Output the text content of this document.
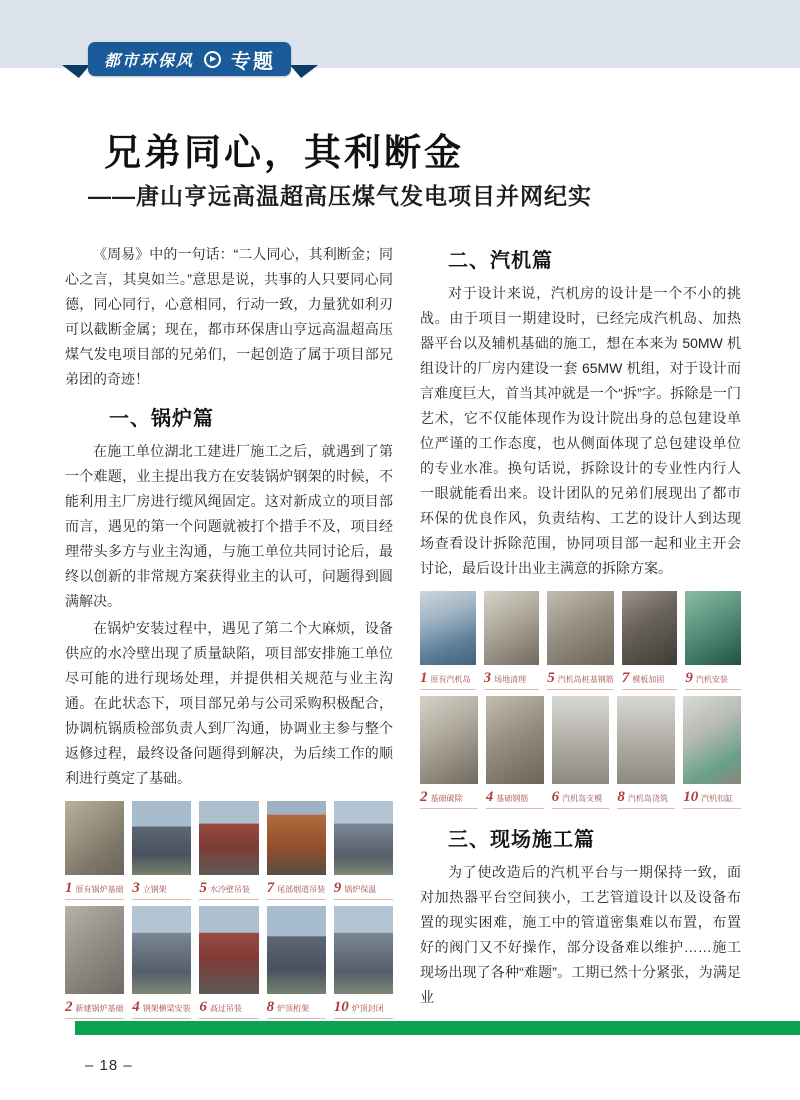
都市环保风	▶ 专题
兄弟同心，其利断金
——唐山亨远高温超高压煤气发电项目并网纪实

《周易》中的一句话：“二人同心，其利断金；同心之言，其臭如兰。”意思是说，共事的人只要同心同德，同心同行，心意相同，行动一致，力量犹如利刃可以截断金属；现在，都市环保唐山亨远高温超高压煤气发电项目部的兄弟们，一起创造了属于项目部兄弟团的奇迹！

一、锅炉篇

在施工单位湖北工建进厂施工之后，就遇到了第一个难题，业主提出我方在安装锅炉钢架的时候，不能利用主厂房进行缆风绳固定。这对新成立的项目部而言，遇见的第一个问题就被打个措手不及，项目经理带头多方与业主沟通，与施工单位共同讨论后，最终以创新的非常规方案获得业主的认可，问题得到圆满解决。

在锅炉安装过程中，遇见了第二个大麻烦，设备供应的水冷壁出现了质量缺陷，项目部安排施工单位尽可能的进行现场处理，并提供相关规范与业主沟通。在此状态下，项目部兄弟与公司采购积极配合，协调杭锅质检部负责人到厂沟通，协调业主参与整个返修过程，最终设备问题得到解决，为后续工作的顺利进行奠定了基础。

1 原有锅炉基础 3 立钢架 5 水冷壁吊装 7 尾部烟道吊装 9 锅炉保温
2 新建锅炉基础 4 钢架横梁安装 6 高过吊装 8 炉顶桁架 10 炉顶封闭
二、汽机篇

对于设计来说，汽机房的设计是一个不小的挑战。由于项目一期建设时，已经完成汽机岛、加热器平台以及辅机基础的施工，想在本来为 50MW 机组设计的厂房内建设一套 65MW 机组，对于设计而言难度巨大，首当其冲就是一个“拆”字。拆除是一门艺术，它不仅能体现作为设计院出身的总包建设单位严谨的工作态度，也从侧面体现了总包建设单位的专业水准。换句话说，拆除设计的专业性内行人一眼就能看出来。设计团队的兄弟们展现出了都市环保的优良作风，负责结构、工艺的设计人到达现场查看设计拆除范围，协同项目部一起和业主开会讨论，最后设计出业主满意的拆除方案。

1 原有汽机岛 3 场地清理 5 汽机岛桩基钢筋 7 模板加固 9 汽机安装
2 基础破除 4 基础钢筋 6 汽机岛支模 8 汽机岛浇筑 10 汽机扣缸
三、现场施工篇

为了使改造后的汽机平台与一期保持一致，面对加热器平台空间狭小，工艺管道设计以及设备布置的现实困难，施工中的管道密集难以布置，布置好的阀门又不好操作，部分设备难以维护……施工现场出现了各种“难题”。工期已然十分紧张，为满足业

– 18 –
